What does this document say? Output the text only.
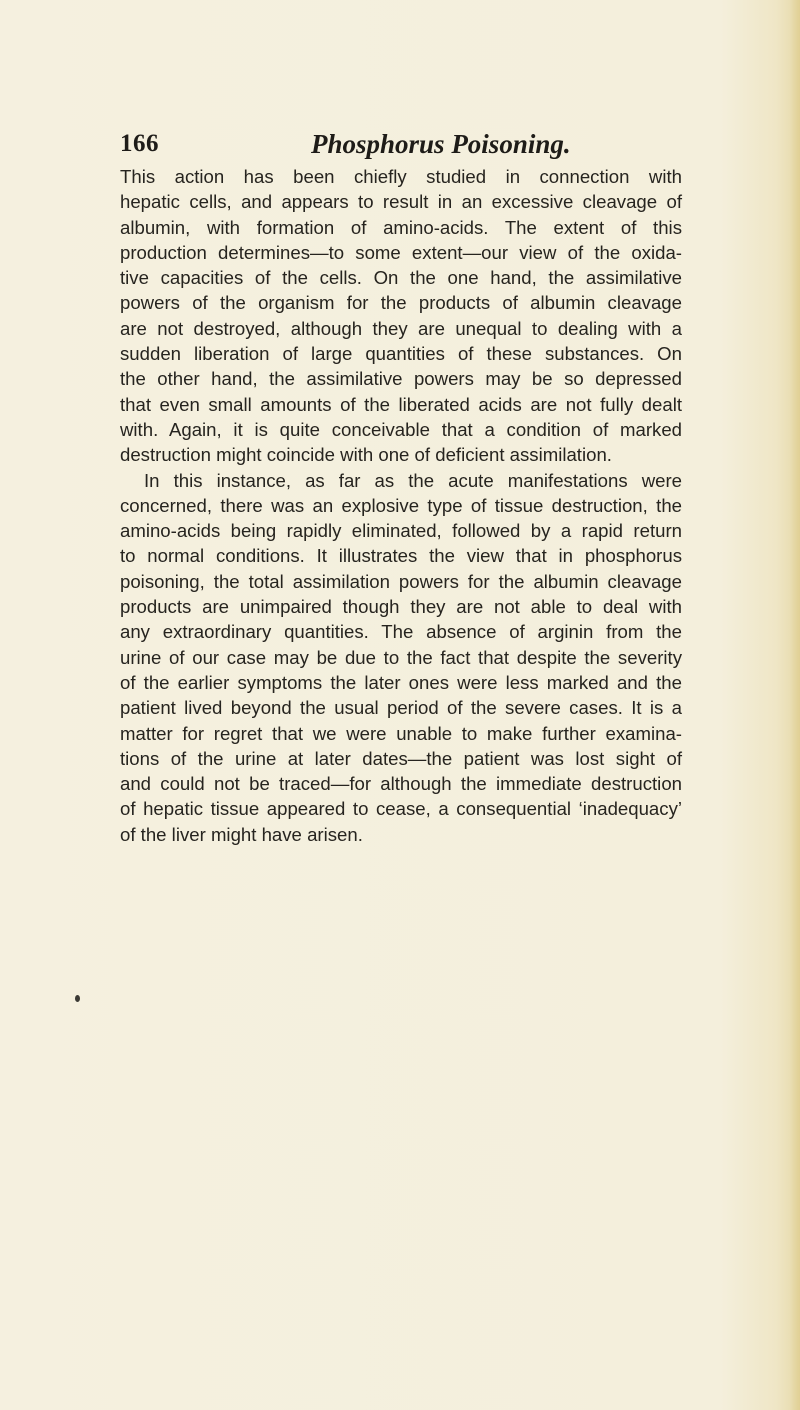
166	Phosphorus Poisoning.
This action has been chiefly studied in connection with
hepatic cells, and appears to result in an excessive cleavage of
albumin, with formation of amino-acids. The extent of this
production determines—to some extent—our view of the oxida-
tive capacities of the cells. On the one hand, the assimilative
powers of the organism for the products of albumin cleavage
are not destroyed, although they are unequal to dealing with a
sudden liberation of large quantities of these substances. On
the other hand, the assimilative powers may be so depressed
that even small amounts of the liberated acids are not fully dealt
with. Again, it is quite conceivable that a condition of marked
destruction might coincide with one of deficient assimilation.
In this instance, as far as the acute manifestations were
concerned, there was an explosive type of tissue destruction, the
amino-acids being rapidly eliminated, followed by a rapid return
to normal conditions. It illustrates the view that in phosphorus
poisoning, the total assimilation powers for the albumin cleavage
products are unimpaired though they are not able to deal with
any extraordinary quantities. The absence of arginin from the
urine of our case may be due to the fact that despite the severity
of the earlier symptoms the later ones were less marked and the
patient lived beyond the usual period of the severe cases. It is a
matter for regret that we were unable to make further examina-
tions of the urine at later dates—the patient was lost sight of
and could not be traced—for although the immediate destruction
of hepatic tissue appeared to cease, a consequential ‘inadequacy’
of the liver might have arisen.
